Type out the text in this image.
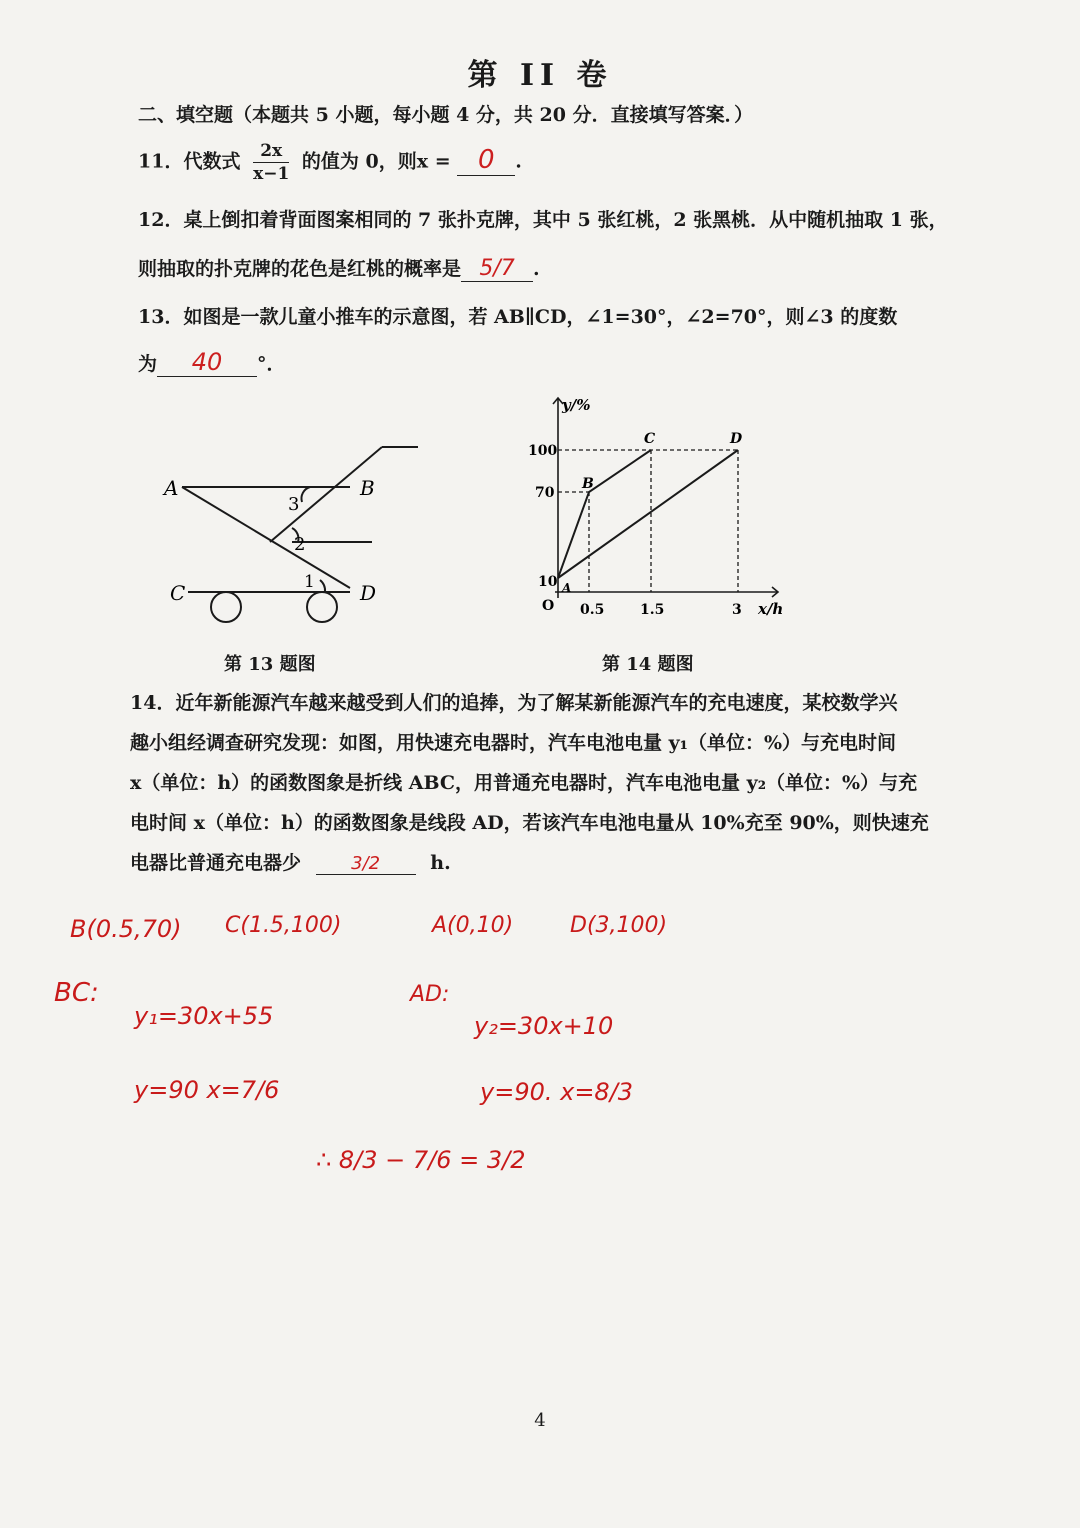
第 II 卷
二、填空题（本题共 5 小题，每小题 4 分，共 20 分．直接填写答案．）
11．代数式 $\frac{2x}{x-1}$ 的值为 0，则x = 0 .
12．桌上倒扣着背面图案相同的 7 张扑克牌，其中 5 张红桃，2 张黑桃．从中随机抽取 1 张，
则抽取的扑克牌的花色是红桃的概率是 5/7 .
13．如图是一款儿童小推车的示意图，若 AB∥CD，∠1=30°，∠2=70°，则∠3 的度数
为 40 °．
A	B
C	D
3
2
1
第 13 题图
y/%
x/h
O
100
70
10
0.5	1.5	3
A
B
C	D
第 14 题图
14．近年新能源汽车越来越受到人们的追捧，为了解某新能源汽车的充电速度，某校数学兴
趣小组经调查研究发现：如图，用快速充电器时，汽车电池电量 y₁（单位：%）与充电时间
x（单位：h）的函数图象是折线 ABC，用普通充电器时，汽车电池电量 y₂（单位：%）与充
电时间 x（单位：h）的函数图象是线段 AD，若该汽车电池电量从 10%充至 90%，则快速充
电器比普通充电器少	3/2	h.
B(0.5,70) C(1.5,100)	A(0,10)	D(3,100)
BC:
y₁=30x+55
y=90 x=7/6
AD:
y₂=30x+10
y=90. x=8/3
∴ 8/3 − 7/6 = 3/2
4
